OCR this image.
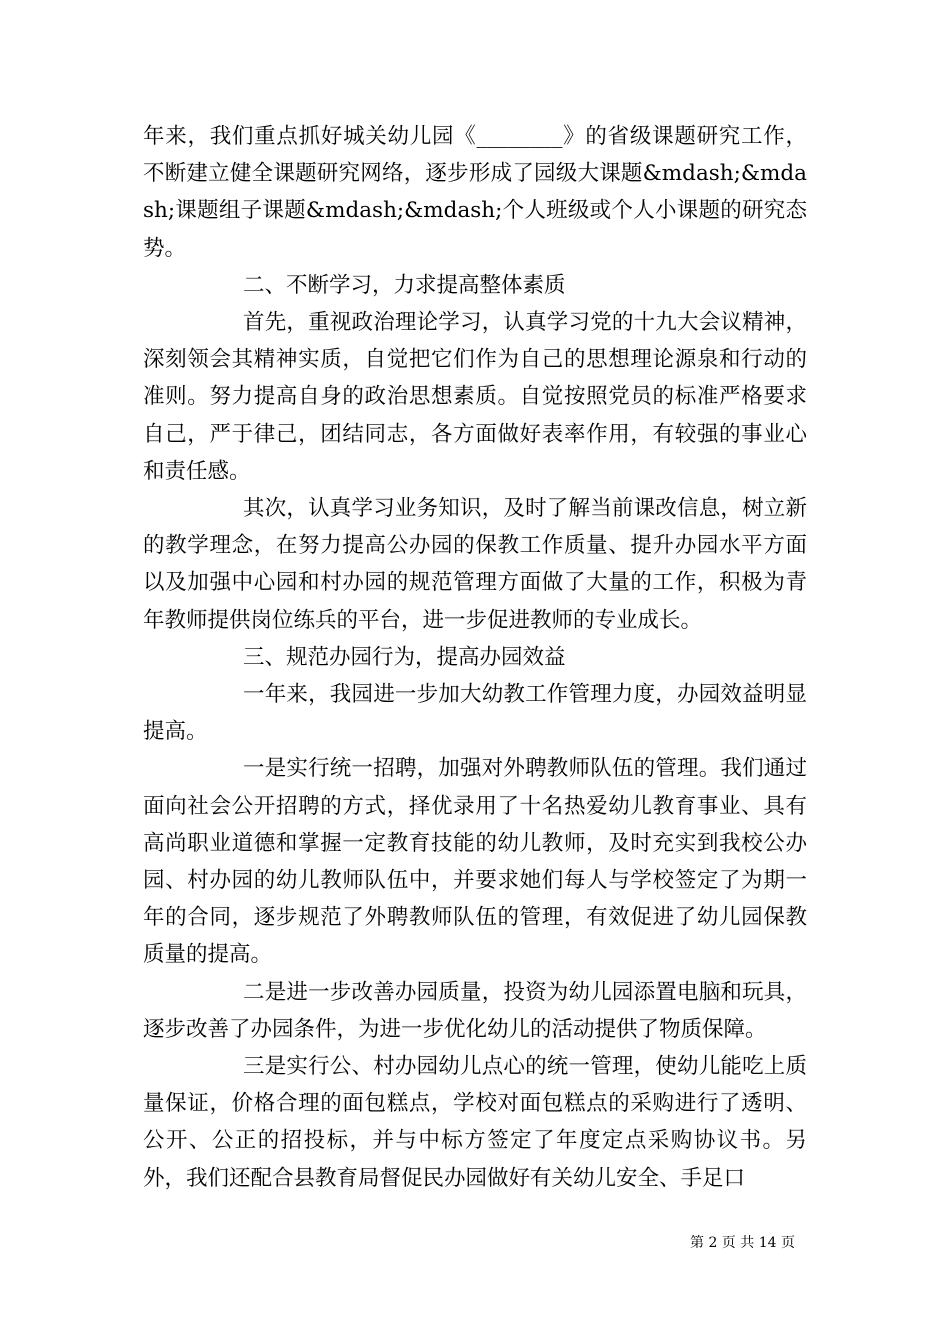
年来，我们重点抓好城关幼儿园《________》的省级课题研究工作，不断建立健全课题研究网络，逐步形成了园级大课题&mdash;&mdash;课题组子课题&mdash;&mdash;个人班级或个人小课题的研究态势。

二、不断学习，力求提高整体素质

首先，重视政治理论学习，认真学习党的十九大会议精神，深刻领会其精神实质，自觉把它们作为自己的思想理论源泉和行动的准则。努力提高自身的政治思想素质。自觉按照党员的标准严格要求自己，严于律己，团结同志，各方面做好表率作用，有较强的事业心和责任感。

其次，认真学习业务知识，及时了解当前课改信息，树立新的教学理念，在努力提高公办园的保教工作质量、提升办园水平方面以及加强中心园和村办园的规范管理方面做了大量的工作，积极为青年教师提供岗位练兵的平台，进一步促进教师的专业成长。

三、规范办园行为，提高办园效益

一年来，我园进一步加大幼教工作管理力度，办园效益明显提高。

一是实行统一招聘，加强对外聘教师队伍的管理。我们通过面向社会公开招聘的方式，择优录用了十名热爱幼儿教育事业、具有高尚职业道德和掌握一定教育技能的幼儿教师，及时充实到我校公办园、村办园的幼儿教师队伍中，并要求她们每人与学校签定了为期一年的合同，逐步规范了外聘教师队伍的管理，有效促进了幼儿园保教质量的提高。

二是进一步改善办园质量，投资为幼儿园添置电脑和玩具，逐步改善了办园条件，为进一步优化幼儿的活动提供了物质保障。

三是实行公、村办园幼儿点心的统一管理，使幼儿能吃上质量保证，价格合理的面包糕点，学校对面包糕点的采购进行了透明、公开、公正的招投标，并与中标方签定了年度定点采购协议书。另外，我们还配合县教育局督促民办园做好有关幼儿安全、手足口

第 2 页 共 14 页
